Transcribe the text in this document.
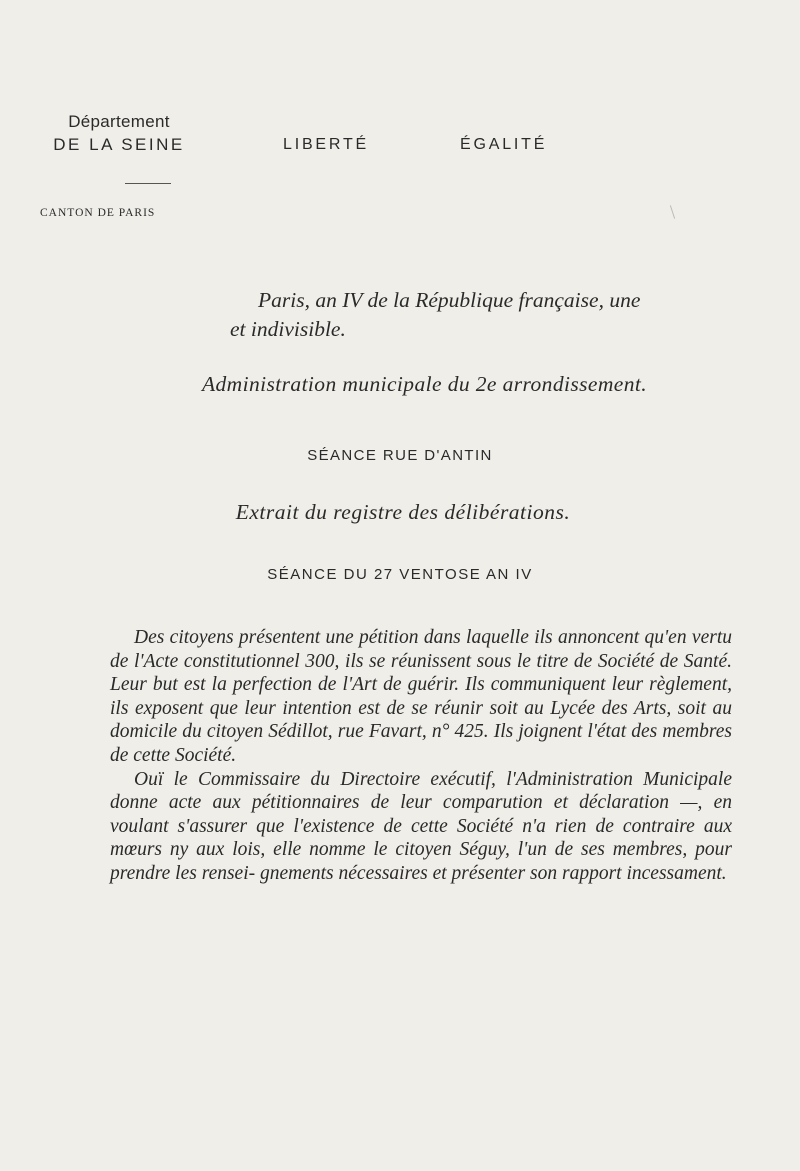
Département
DE LA SEINE
CANTON DE PARIS
LIBERTÉ	ÉGALITÉ
Paris, an IV de la République française, une
et indivisible.
Administration municipale du 2e arrondissement.
SÉANCE RUE D'ANTIN
Extrait du registre des délibérations.
SÉANCE DU 27 VENTOSE AN IV

Des citoyens présentent une pétition dans laquelle ils annoncent qu'en vertu de l'Acte constitutionnel 300, ils se réunissent sous le titre de Société de Santé. Leur but est la perfection de l'Art de guérir. Ils communiquent leur règlement, ils exposent que leur intention est de se réunir soit au Lycée des Arts, soit au domicile du citoyen Sédillot, rue Favart, n° 425. Ils joignent l'état des membres de cette Société.

Ouï le Commissaire du Directoire exécutif, l'Administration Municipale donne acte aux pétitionnaires de leur comparution et déclaration —, en voulant s'assurer que l'existence de cette Société n'a rien de contraire aux mœurs ny aux lois, elle nomme le citoyen Séguy, l'un de ses membres, pour prendre les rensei- gnements nécessaires et présenter son rapport incessament.
